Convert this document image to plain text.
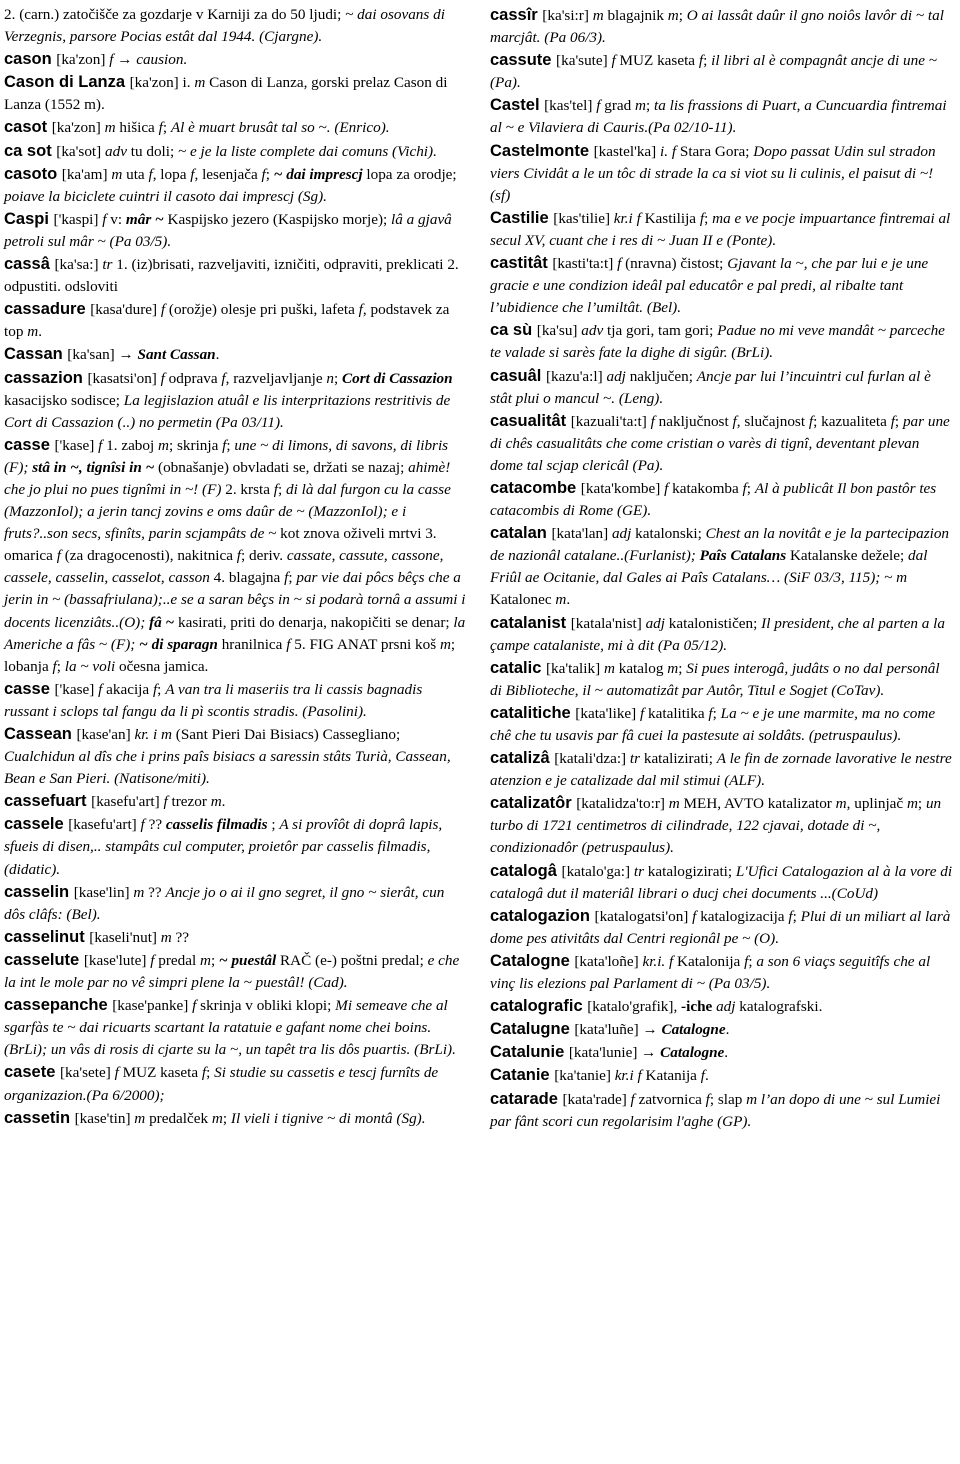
2. (carn.) zatočišče za gozdarje v Karniji za do 50 ljudi; ~ dai osovans di Verzegnis, parsore Pocias estât dal 1944. (Cjargne).

cason [ka'zon] f → causion.

Cason di Lanza [ka'zon] i. m Cason di Lanza, gorski prelaz Cason di Lanza (1552 m).

casot [ka'zon] m hišica f; Al è muart brusât tal so ~. (Enrico).

ca sot [ka'sot] adv tu doli; ~ e je la liste complete dai comuns (Vichi).

casoto [ka'am] m uta f, lopa f, lesenjača f; ~ dai imprescj lopa za orodje; poiave la biciclete cuintri il casoto dai imprescj (Sg).

Caspi ['kaspi] f v: mâr ~ Kaspijsko jezero (Kaspijsko morje); lâ a gjavâ petroli sul mâr ~ (Pa 03/5).

cassâ [ka'sa:] tr 1. (iz)brisati, razveljaviti, izničiti, odpraviti, preklicati 2. odpustiti. odsloviti

cassadure [kasa'dure] f (orožje) olesje pri puški, lafeta f, podstavek za top m.

Cassan [ka'san] → Sant Cassan.

cassazion [kasatsi'on] f odprava f, razveljavljanje n; Cort di Cassazion kasacijsko sodisce; La legjislazion atuâl e lis interpritazions restritivis de Cort di Cassazion (..) no permetin (Pa 03/11).

casse ['kase] f 1. zaboj m; skrinja f; une ~ di limons, di savons, di libris (F); stâ in ~, tignîsi in ~ (obnašanje) obvladati se, držati se nazaj; ahimè! che jo plui no pues tignîmi in ~! (F) 2. krsta f; di là dal furgon cu la casse (MazzonIol); a jerin tancj zovins e oms daûr de ~ (MazzonIol); e i fruts?..son secs, sfinîts, parin scjampâts de ~ kot znova oživeli mrtvi 3. omarica f (za dragocenosti), nakitnica f; deriv. cassate, cassute, cassone, cassele, casselin, casselot, casson 4. blagajna f; par vie dai pôcs bêçs che a jerin in ~ (bassafriulana);..e se a saran bêçs in ~ si podarà tornâ a assumi i docents licenziâts..(O); fâ ~ kasirati, priti do denarja, nakopičiti se denar; la Americhe a fâs ~ (F); ~ di sparagn hranilnica f 5. FIG ANAT prsni koš m; lobanja f; la ~ voli očesna jamica.

casse ['kase] f akacija f; A van tra li maseriis tra li cassis bagnadis russant i sclops tal fangu da li pì scontis stradis. (Pasolini).

Cassean [kase'an] kr. i m (Sant Pieri Dai Bisiacs) Cassegliano; Cualchidun al dîs che i prins paîs bisiacs a saressin stâts Turià, Cassean, Bean e San Pieri. (Natisone/miti).

cassefuart [kasefu'art] f trezor m.

cassele [kasefu'art] f ?? casselis filmadis ; A si provîôt di doprâ lapis, sfueis di disen,.. stampâts cul computer, proietôr par casselis filmadis, (didatic).

casselin [kase'lin] m ?? Ancje jo o ai il gno segret, il gno ~ sierât, cun dôs clâfs: (Bel).

casselinut [kaseli'nut] m ??

casselute [kase'lute] f predal m; ~ puestâl RAČ (e-) poštni predal; e che la int le mole par no vê simpri plene la ~ puestâl! (Cad).

cassepanche [kase'panke] f skrinja v obliki klopi; Mi semeave che al sgarfàs te ~ dai ricuarts scartant la ratatuie e gafant nome chei boins. (BrLi); un vâs di rosis di cjarte su la ~, un tapêt tra lis dôs puartis. (BrLi).

casete [ka'sete] f MUZ kaseta f; Si studie su cassetis e tescj furnîts de organizazion.(Pa 6/2000);

cassetin [kase'tin] m predalček m; Il vieli i tignive ~ di montâ (Sg).

cassîr [ka'si:r] m blagajnik m; O ai lassât daûr il gno noiôs lavôr di ~ tal marcjât. (Pa 06/3).

cassute [ka'sute] f MUZ kaseta f; il libri al è compagnât ancje di une ~ (Pa).

Castel [kas'tel] f grad m; ta lis frassions di Puart, a Cuncuardia fintremai al ~ e Vilaviera di Cauris.(Pa 02/10-11).

Castelmonte [kastel'ka] i. f Stara Gora; Dopo passat Udin sul stradon viers Cividât a le un tôc di strade la ca si viot su li culinis, el paisut di ~! (sf)

Castilie [kas'tilie] kr.i f Kastilija f; ma e ve pocje impuartance fintremai al secul XV, cuant che i res di ~ Juan II e (Ponte).

castitât [kasti'ta:t] f (nravna) čistost; Gjavant la ~, che par lui e je une gracie e une condizion ideâl pal educatôr e pal predi, al ribalte tant l’ubidience che l’umiltât. (Bel).

ca sù [ka'su] adv tja gori, tam gori; Padue no mi veve mandât ~ parceche te valade si sarès fate la dighe di sigûr. (BrLi).

casuâl [kazu'a:l] adj naključen; Ancje par lui l’incuintri cul furlan al è stât plui o mancul ~. (Leng).

casualitât [kazuali'ta:t] f naključnost f, slučajnost f; kazualiteta f; par une di chês casualitâts che come cristian o varès di tignî, deventant plevan dome tal scjap clericâl (Pa).

catacombe [kata'kombe] f katakomba f; Al à publicât Il bon pastôr tes catacombis di Rome (GE).

catalan [kata'lan] adj katalonski; Chest an la novitât e je la partecipazion de nazionâl catalane..(Furlanist); Paîs Catalans Katalanske dežele; dal Friûl ae Ocitanie, dal Gales ai Paîs Catalans… (SiF 03/3, 115); ~ m Katalonec m.

catalanist [katala'nist] adj katalonističen; Il president, che al parten a la çampe catalaniste, mi à dit (Pa 05/12).

catalic [ka'talik] m katalog m; Si pues interogâ, judâts o no dal personâl di Biblioteche, il ~ automatizât par Autôr, Titul e Sogjet (CoTav).

catalitiche [kata'like] f katalitika f; La ~ e je une marmite, ma no come chê che tu usavis par fâ cuei la pastesute ai soldâts. (petruspaulus).

catalizâ [katali'dza:] tr katalizirati; A le fin de zornade lavorative le nestre atenzion e je catalizade dal mil stimui (ALF).

catalizatôr [katalidza'to:r] m MEH, AVTO katalizator m, uplinjač m; un turbo di 1721 centimetros di cilindrade, 122 cjavai, dotade di ~, condizionadôr (petruspaulus).

catalogâ [katalo'ga:] tr katalogizirati; L'Ufici Catalogazion al à la vore di catalogâ dut il materiâl librari o ducj chei documents ...(CoUd)

catalogazion [katalogatsi'on] f katalogizacija f; Plui di un miliart al larà dome pes ativitâts dal Centri regionâl pe ~ (O).

Catalogne [kata'loñe] kr.i. f Katalonija f; a son 6 viaçs seguitîfs che al vinç lis elezions pal Parlament di ~ (Pa 03/5).

catalografic [katalo'grafik], -iche adj katalografski.

Catalugne [kata'luñe] → Catalogne.

Catalunie [kata'lunie] → Catalogne.

Catanie [ka'tanie] kr.i f Katanija f.

catarade [kata'rade] f zatvornica f; slap m l’an dopo di une ~ sul Lumiei par fânt scori cun regolarisim l'aghe (GP).
